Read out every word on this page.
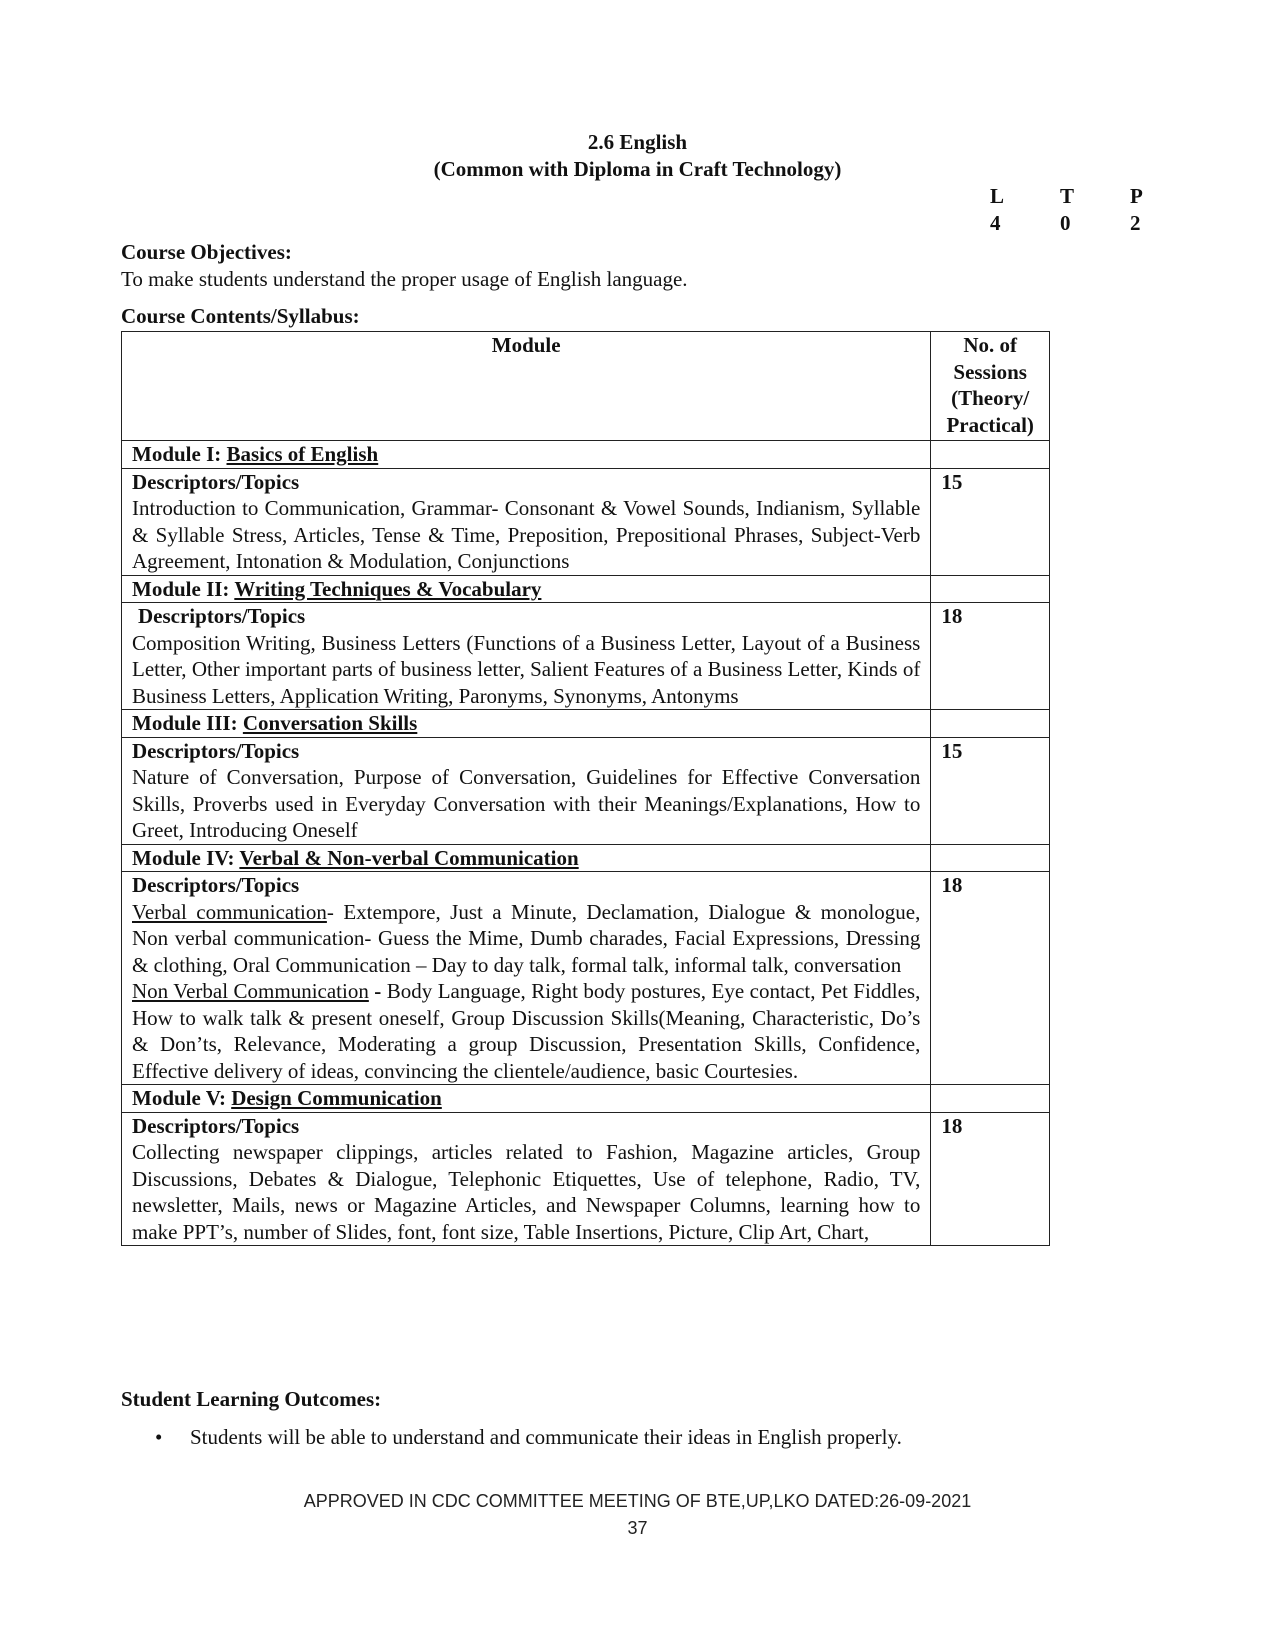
2.6 English
(Common with Diploma in Craft Technology)
L	T	P
4	0	2
Course Objectives:
To make students understand the proper usage of English language.
Course Contents/Syllabus:
Module	No. of
Sessions
(Theory/
Practical)

Module I: Basics of English	

Descriptors/Topics
Introduction to Communication, Grammar- Consonant & Vowel Sounds, Indianism, Syllable & Syllable Stress, Articles, Tense & Time, Preposition, Prepositional Phrases, Subject-Verb Agreement, Intonation & Modulation, Conjunctions	15
Module II: Writing Techniques & Vocabulary	

Descriptors/Topics
Composition Writing, Business Letters (Functions of a Business Letter, Layout of a Business Letter, Other important parts of business letter, Salient Features of a Business Letter, Kinds of Business Letters, Application Writing, Paronyms, Synonyms, Antonyms	18
Module III: Conversation Skills	

Descriptors/Topics
Nature of Conversation, Purpose of Conversation, Guidelines for Effective Conversation Skills, Proverbs used in Everyday Conversation with their Meanings/Explanations, How to Greet, Introducing Oneself	15
Module IV: Verbal & Non-verbal Communication	

Descriptors/Topics
Verbal communication- Extempore, Just a Minute, Declamation, Dialogue & monologue, Non verbal communication- Guess the Mime, Dumb charades, Facial Expressions, Dressing & clothing, Oral Communication – Day to day talk, formal talk, informal talk, conversation
Non Verbal Communication - Body Language, Right body postures, Eye contact, Pet Fiddles, How to walk talk & present oneself, Group Discussion Skills(Meaning, Characteristic, Do’s & Don’ts, Relevance, Moderating a group Discussion, Presentation Skills, Confidence, Effective delivery of ideas, convincing the clientele/audience, basic Courtesies.	18
Module V: Design Communication	

Descriptors/Topics
Collecting newspaper clippings, articles related to Fashion, Magazine articles, Group Discussions, Debates & Dialogue, Telephonic Etiquettes, Use of telephone, Radio, TV, newsletter, Mails, news or Magazine Articles, and Newspaper Columns, learning how to make PPT’s, number of Slides, font, font size, Table Insertions, Picture, Clip Art, Chart,	18
Student Learning Outcomes:
•	Students will be able to understand and communicate their ideas in English properly.
APPROVED IN CDC COMMITTEE MEETING OF BTE,UP,LKO DATED:26-09-2021
37
